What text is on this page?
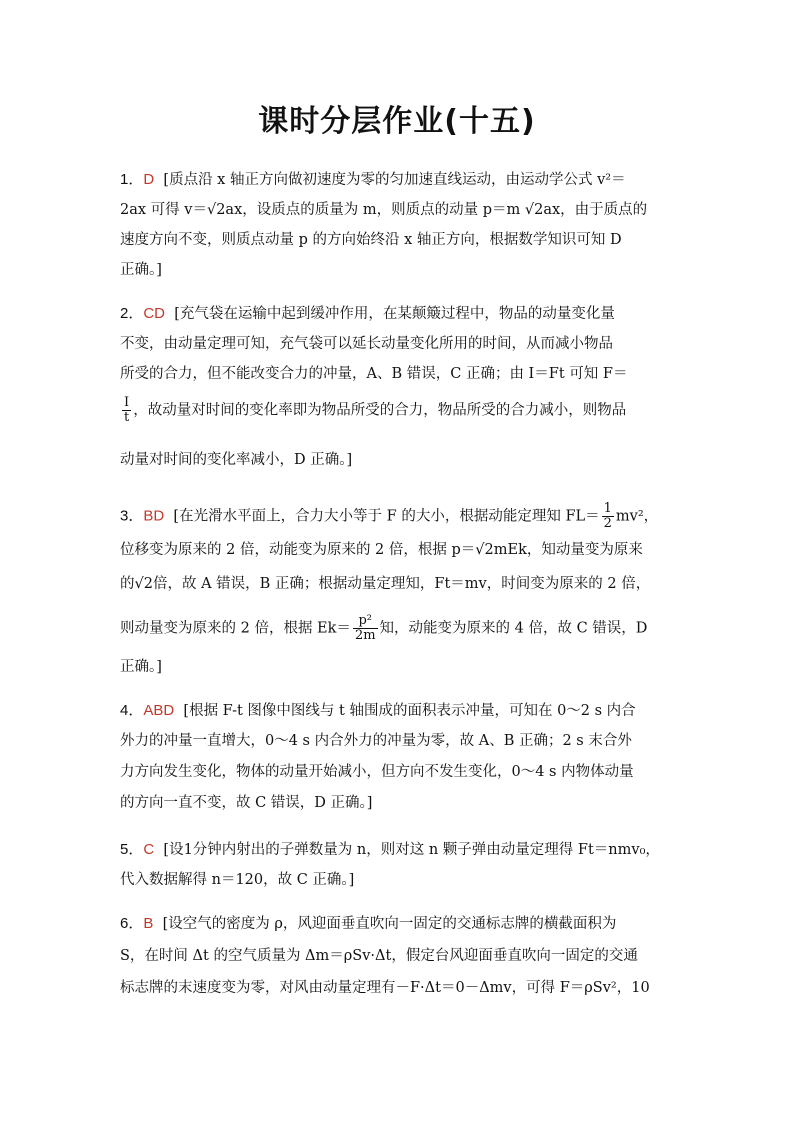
课时分层作业(十五)
1．D [质点沿 x 轴正方向做初速度为零的匀加速直线运动，由运动学公式 v²＝
2ax 可得 v＝√2ax，设质点的质量为 m，则质点的动量 p＝m √2ax，由于质点的
速度方向不变，则质点动量 p 的方向始终沿 x 轴正方向，根据数学知识可知 D
正确。]
2．CD [充气袋在运输中起到缓冲作用，在某颠簸过程中，物品的动量变化量
不变，由动量定理可知，充气袋可以延长动量变化所用的时间，从而减小物品
所受的合力，但不能改变合力的冲量，A、B 错误，C 正确；由 I＝Ft 可知 F＝
$\frac{I}{t}$ ，故动量对时间的变化率即为物品所受的合力，物品所受的合力减小，则物品
动量对时间的变化率减小，D 正确。]
3．BD [在光滑水平面上，合力大小等于 F 的大小，根据动能定理知 $FL= \frac{1}{2} mv^2$，
位移变为原来的 2 倍，动能变为原来的 2 倍，根据 p＝√2mEk，知动量变为原来
的√2倍，故 A 错误，B 正确；根据动量定理知，Ft＝mv，时间变为原来的 2 倍，
则动量变为原来的 2 倍，根据 $Ek= \frac{\text{p²}}{2m}$ 知，动能变为原来的 4 倍，故 C 错误，D
正确。]
4．ABD [根据 F-t 图像中图线与 t 轴围成的面积表示冲量，可知在 0～2 s 内合
外力的冲量一直增大，0～4 s 内合外力的冲量为零，故 A、B 正确；2 s 末合外
力方向发生变化，物体的动量开始减小，但方向不发生变化，0～4 s 内物体动量
的方向一直不变，故 C 错误，D 正确。]
5．C [设1分钟内射出的子弹数量为 n，则对这 n 颗子弹由动量定理得 Ft＝nmv₀，
代入数据解得 n＝120，故 C 正确。]
6．B [设空气的密度为 ρ，风迎面垂直吹向一固定的交通标志牌的横截面积为
S，在时间 Δt 的空气质量为 Δm＝ρSv·Δt，假定台风迎面垂直吹向一固定的交通
标志牌的末速度变为零，对风由动量定理有－F·Δt＝0－Δmv，可得 F＝ρSv²，10
